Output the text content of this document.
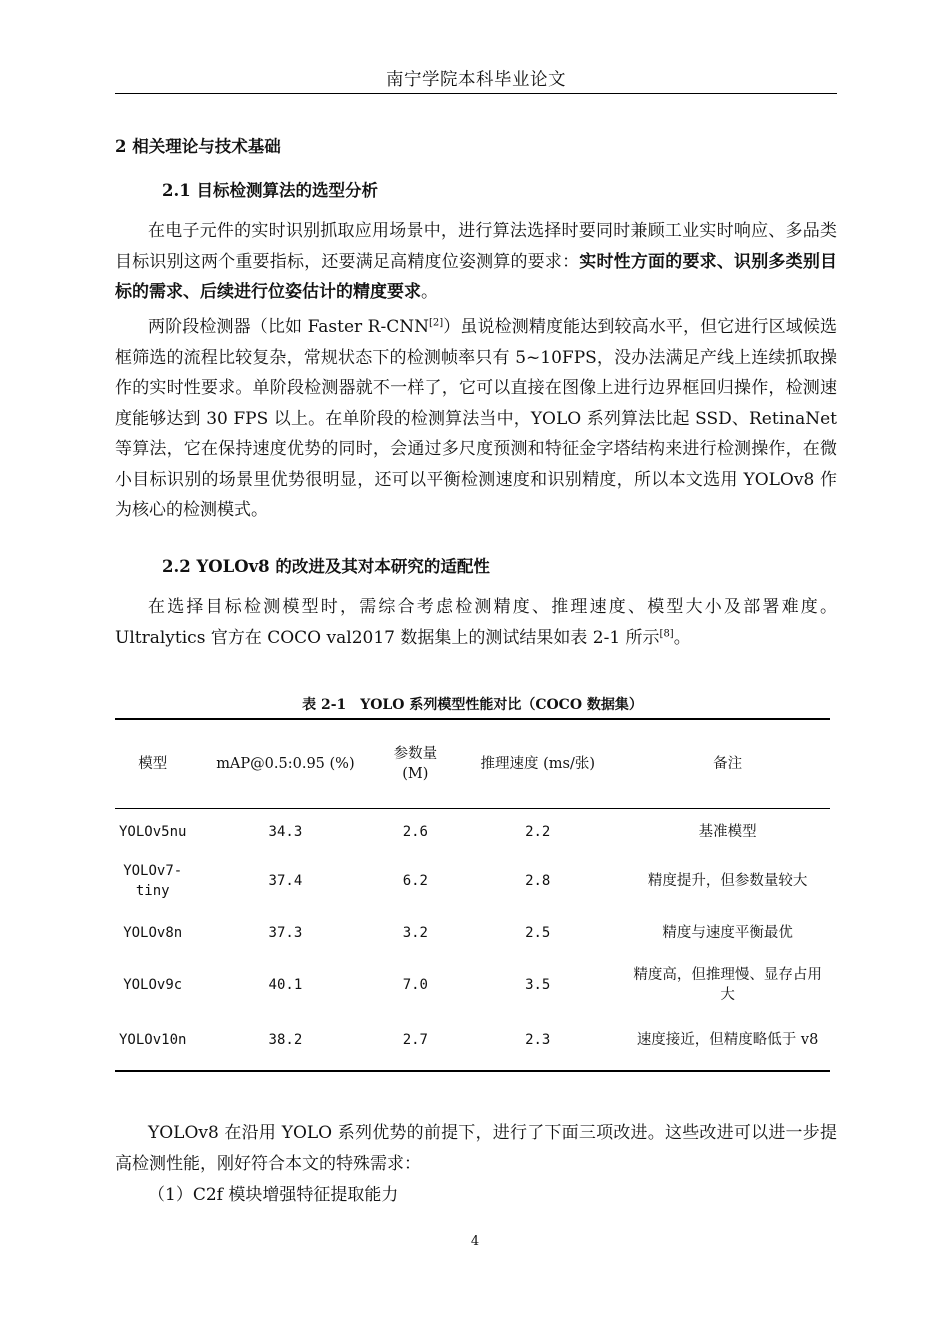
南宁学院本科毕业论文
2 相关理论与技术基础
2.1 目标检测算法的选型分析

在电子元件的实时识别抓取应用场景中，进行算法选择时要同时兼顾工业实时响应、多品类目标识别这两个重要指标，还要满足高精度位姿测算的要求：实时性方面的要求、识别多类别目标的需求、后续进行位姿估计的精度要求。

两阶段检测器（比如 Faster R-CNN[2]）虽说检测精度能达到较高水平，但它进行区域候选框筛选的流程比较复杂，常规状态下的检测帧率只有 5~10FPS，没办法满足产线上连续抓取操作的实时性要求。单阶段检测器就不一样了，它可以直接在图像上进行边界框回归操作，检测速度能够达到 30 FPS 以上。在单阶段的检测算法当中，YOLO 系列算法比起 SSD、RetinaNet 等算法，它在保持速度优势的同时，会通过多尺度预测和特征金字塔结构来进行检测操作，在微小目标识别的场景里优势很明显，还可以平衡检测速度和识别精度，所以本文选用 YOLOv8 作为核心的检测模式。

2.2 YOLOv8 的改进及其对本研究的适配性

在选择目标检测模型时，需综合考虑检测精度、推理速度、模型大小及部署难度。Ultralytics 官方在 COCO val2017 数据集上的测试结果如表 2-1 所示[8]。

表 2-1　YOLO 系列模型性能对比（COCO 数据集）
模型	mAP@0.5:0.95 (%)	参数量 (M)	推理速度 (ms/张)	备注
YOLOv5nu	34.3	2.6	2.2	基准模型
YOLOv7-tiny	37.4	6.2	2.8	精度提升，但参数量较大
YOLOv8n	37.3	3.2	2.5	精度与速度平衡最优
YOLOv9c	40.1	7.0	3.5	精度高，但推理慢、显存占用大
YOLOv10n	38.2	2.7	2.3	速度接近，但精度略低于 v8

YOLOv8 在沿用 YOLO 系列优势的前提下，进行了下面三项改进。这些改进可以进一步提高检测性能，刚好符合本文的特殊需求：

（1）C2f 模块增强特征提取能力

4
